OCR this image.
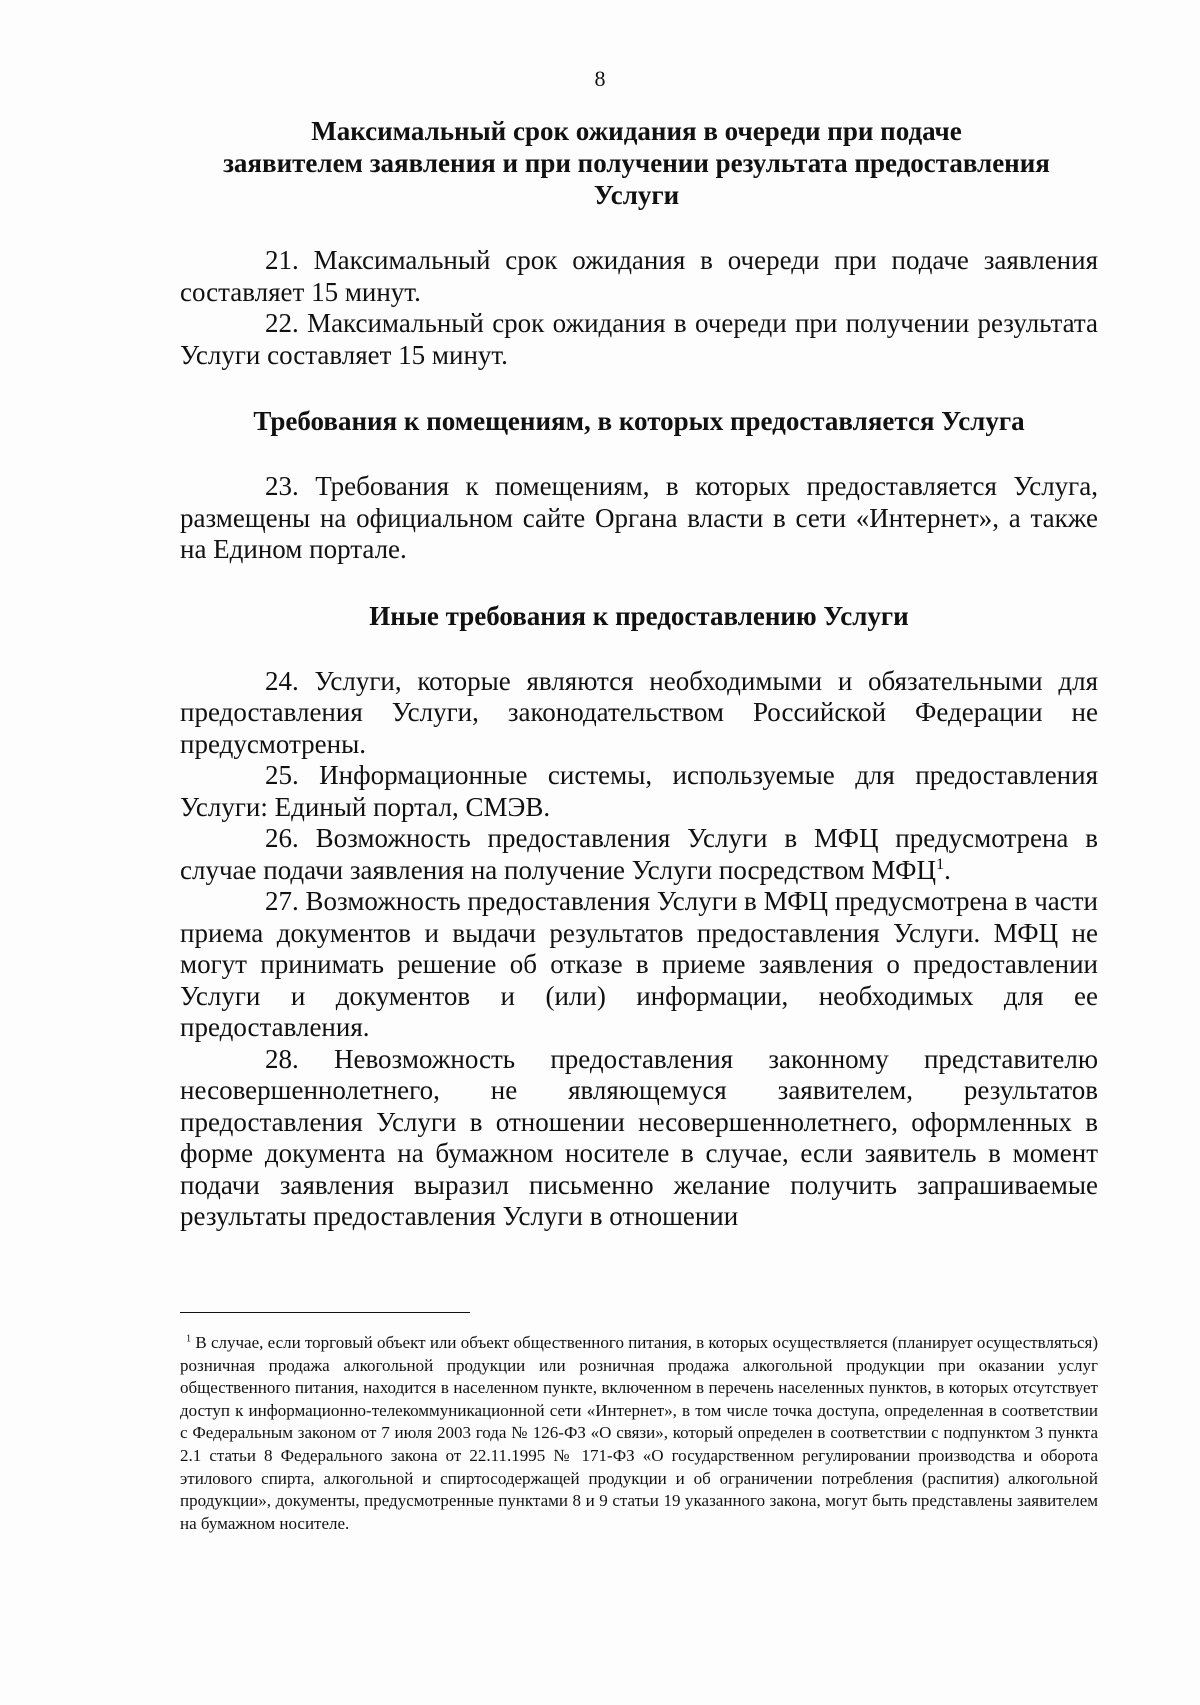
8
Максимальный срок ожидания в очереди при подаче
заявителем заявления и при получении результата предоставления
Услуги

21. Максимальный срок ожидания в очереди при подаче заявления составляет 15 минут.

22. Максимальный срок ожидания в очереди при получении результата Услуги составляет 15 минут.

Требования к помещениям, в которых предоставляется Услуга

23. Требования к помещениям, в которых предоставляется Услуга, размещены на официальном сайте Органа власти в сети «Интернет», а также на Едином портале.

Иные требования к предоставлению Услуги

24. Услуги, которые являются необходимыми и обязательными для предоставления Услуги, законодательством Российской Федерации не предусмотрены.

25. Информационные системы, используемые для предоставления Услуги: Единый портал, СМЭВ.

26. Возможность предоставления Услуги в МФЦ предусмотрена в случае подачи заявления на получение Услуги посредством МФЦ$^1$.

27. Возможность предоставления Услуги в МФЦ предусмотрена в части приема документов и выдачи результатов предоставления Услуги. МФЦ не могут принимать решение об отказе в приеме заявления о предоставлении Услуги и документов и (или) информации, необходимых для ее предоставления.

28. Невозможность предоставления законному представителю несовершеннолетнего, не являющемуся заявителем, результатов предоставления Услуги в отношении несовершеннолетнего, оформленных в форме документа на бумажном носителе в случае, если заявитель в момент подачи заявления выразил письменно желание получить запрашиваемые результаты предоставления Услуги в отношении

$^1$ В случае, если торговый объект или объект общественного питания, в которых осуществляется (планирует осуществляться) розничная продажа алкогольной продукции или розничная продажа алкогольной продукции при оказании услуг общественного питания, находится в населенном пункте, включенном в перечень населенных пунктов, в которых отсутствует доступ к информационно-телекоммуникационной сети «Интернет», в том числе точка доступа, определенная в соответствии с Федеральным законом от 7 июля 2003 года № 126-ФЗ «О связи», который определен в соответствии с подпунктом 3 пункта 2.1 статьи 8 Федерального закона от 22.11.1995 № 171-ФЗ «О государственном регулировании производства и оборота этилового спирта, алкогольной и спиртосодержащей продукции и об ограничении потребления (распития) алкогольной продукции», документы, предусмотренные пунктами 8 и 9 статьи 19 указанного закона, могут быть представлены заявителем на бумажном носителе.
